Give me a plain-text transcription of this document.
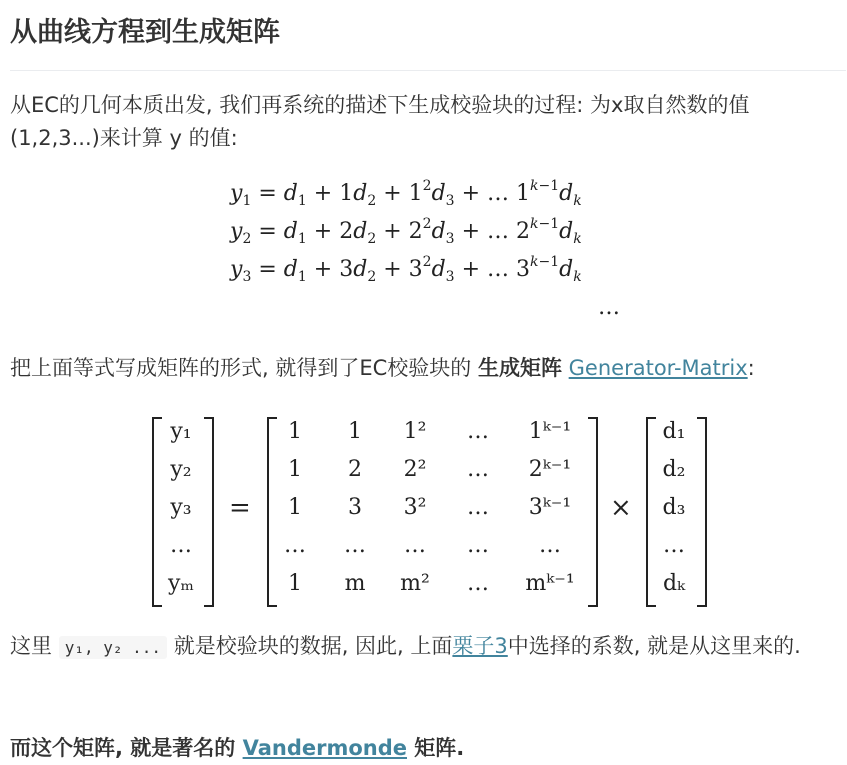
从曲线方程到生成矩阵
从EC的几何本质出发, 我们再系统的描述下生成校验块的过程: 为x取自然数的值 (1,2,3...)来计算 y 的值:
$y_1 = d_1 + 1d_2 + 1^2d_3$ + … $1^{k-1}d_k$
$y_2 = d_1 + 2d_2 + 2^2d_3$ + … $2^{k-1}d_k$
$y_3 = d_1 + 3d_2 + 3^2d_3$ + … $3^{k-1}d_k$
…
把上面等式写成矩阵的形式, 就得到了EC校验块的 生成矩阵 Generator-Matrix:
=	×
y₁
y₂
y₃
…
yₘ
1 1 1² … 1ᵏ⁻¹
1 2 2² … 2ᵏ⁻¹
1 3 3² … 3ᵏ⁻¹
… … … … …
1 m m² … mᵏ⁻¹
d₁
d₂
d₃
…
dₖ
这里 y₁, y₂ ... 就是校验块的数据, 因此, 上面栗子3中选择的系数, 就是从这里来的.
而这个矩阵, 就是著名的 Vandermonde 矩阵.
